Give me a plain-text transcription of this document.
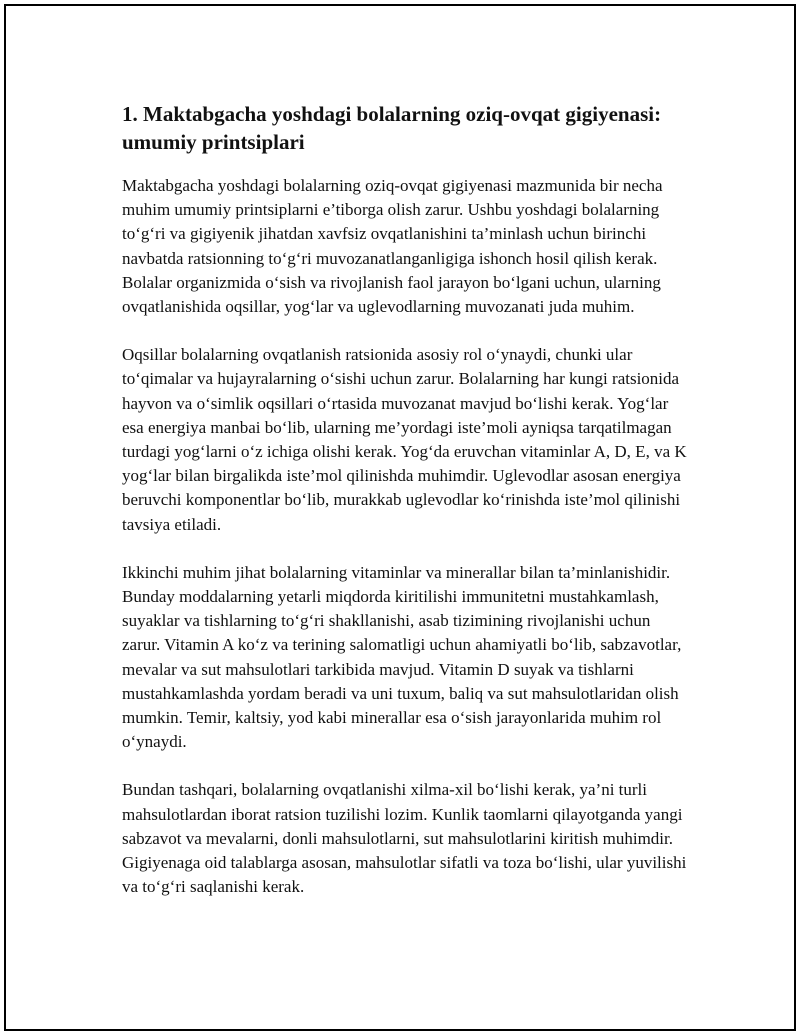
1. Maktabgacha yoshdagi bolalarning oziq-ovqat gigiyenasi: umumiy printsiplari

Maktabgacha yoshdagi bolalarning oziq-ovqat gigiyenasi mazmunida bir necha muhim umumiy printsiplarni e’tiborga olish zarur. Ushbu yoshdagi bolalarning to‘g‘ri va gigiyenik jihatdan xavfsiz ovqatlanishini ta’minlash uchun birinchi navbatda ratsionning to‘g‘ri muvozanatlanganligiga ishonch hosil qilish kerak. Bolalar organizmida o‘sish va rivojlanish faol jarayon bo‘lgani uchun, ularning ovqatlanishida oqsillar, yog‘lar va uglevodlarning muvozanati juda muhim.

Oqsillar bolalarning ovqatlanish ratsionida asosiy rol o‘ynaydi, chunki ular to‘qimalar va hujayralarning o‘sishi uchun zarur. Bolalarning har kungi ratsionida hayvon va o‘simlik oqsillari o‘rtasida muvozanat mavjud bo‘lishi kerak. Yog‘lar esa energiya manbai bo‘lib, ularning me’yordagi iste’moli ayniqsa tarqatilmagan turdagi yog‘larni o‘z ichiga olishi kerak. Yog‘da eruvchan vitaminlar A, D, E, va K yog‘lar bilan birgalikda iste’mol qilinishda muhimdir. Uglevodlar asosan energiya beruvchi komponentlar bo‘lib, murakkab uglevodlar ko‘rinishda iste’mol qilinishi tavsiya etiladi.

Ikkinchi muhim jihat bolalarning vitaminlar va minerallar bilan ta’minlanishidir. Bunday moddalarning yetarli miqdorda kiritilishi immunitetni mustahkamlash, suyaklar va tishlarning to‘g‘ri shakllanishi, asab tizimining rivojlanishi uchun zarur. Vitamin A ko‘z va terining salomatligi uchun ahamiyatli bo‘lib, sabzavotlar, mevalar va sut mahsulotlari tarkibida mavjud. Vitamin D suyak va tishlarni mustahkamlashda yordam beradi va uni tuxum, baliq va sut mahsulotlaridan olish mumkin. Temir, kaltsiy, yod kabi minerallar esa o‘sish jarayonlarida muhim rol o‘ynaydi.

Bundan tashqari, bolalarning ovqatlanishi xilma-xil bo‘lishi kerak, ya’ni turli mahsulotlardan iborat ratsion tuzilishi lozim. Kunlik taomlarni qilayotganda yangi sabzavot va mevalarni, donli mahsulotlarni, sut mahsulotlarini kiritish muhimdir. Gigiyenaga oid talablarga asosan, mahsulotlar sifatli va toza bo‘lishi, ular yuvilishi va to‘g‘ri saqlanishi kerak.
